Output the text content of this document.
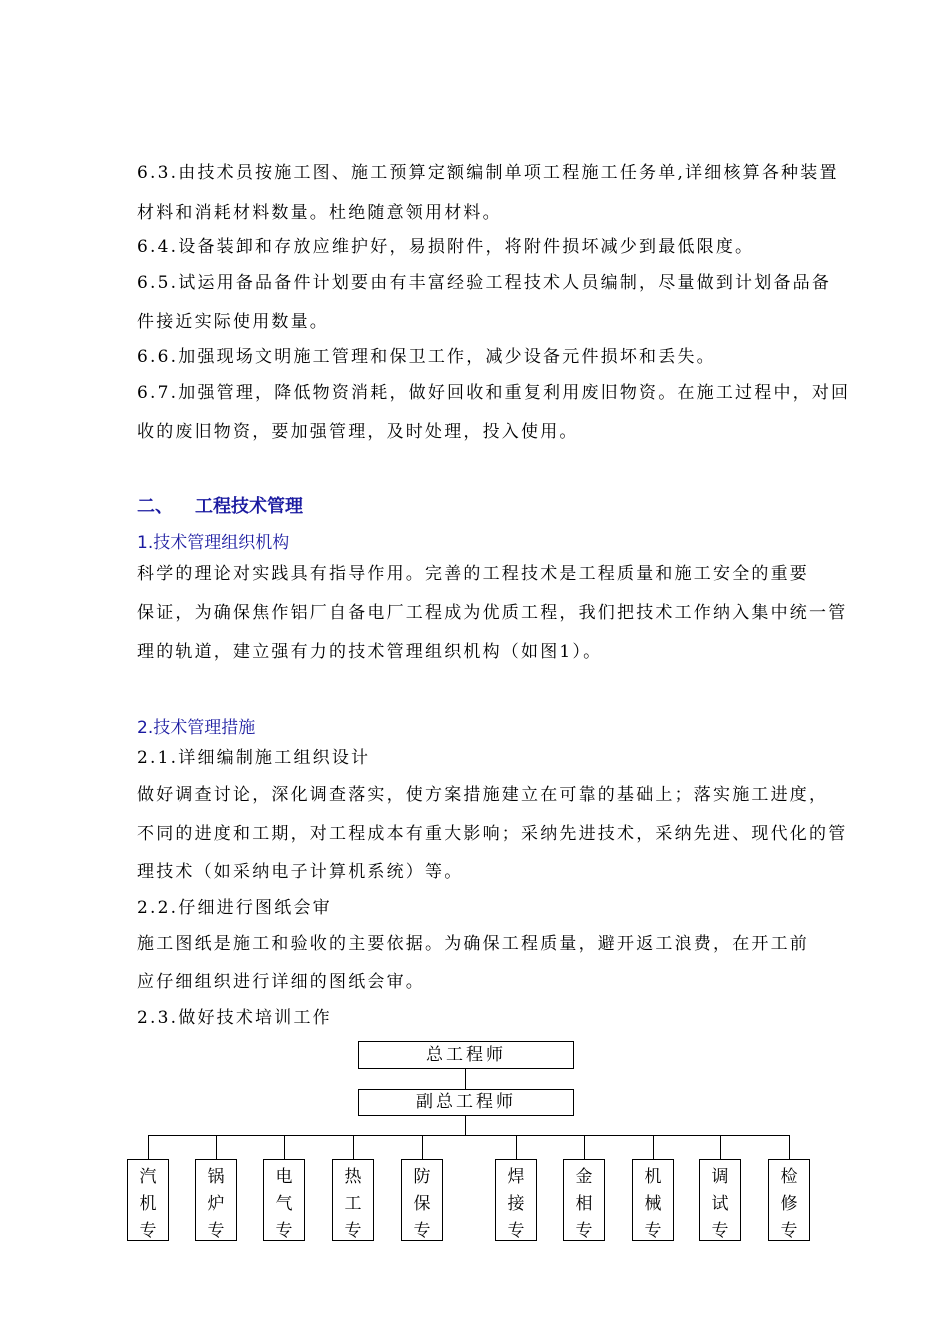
6.3.由技术员按施工图、施工预算定额编制单项工程施工任务单,详细核算各种装置
材料和消耗材料数量。杜绝随意领用材料。
6.4.设备装卸和存放应维护好，易损附件，将附件损坏减少到最低限度。
6.5.试运用备品备件计划要由有丰富经验工程技术人员编制，尽量做到计划备品备
件接近实际使用数量。
6.6.加强现场文明施工管理和保卫工作，减少设备元件损坏和丢失。
6.7.加强管理，降低物资消耗，做好回收和重复利用废旧物资。在施工过程中，对回
收的废旧物资，要加强管理，及时处理，投入使用。
二、 工程技术管理
1.技术管理组织机构
科学的理论对实践具有指导作用。完善的工程技术是工程质量和施工安全的重要
保证，为确保焦作铝厂自备电厂工程成为优质工程，我们把技术工作纳入集中统一管
理的轨道，建立强有力的技术管理组织机构（如图1）。
2.技术管理措施
2.1.详细编制施工组织设计
做好调查讨论，深化调查落实，使方案措施建立在可靠的基础上；落实施工进度，
不同的进度和工期，对工程成本有重大影响；采纳先进技术，采纳先进、现代化的管
理技术（如采纳电子计算机系统）等。
2.2.仔细进行图纸会审
施工图纸是施工和验收的主要依据。为确保工程质量，避开返工浪费，在开工前
应仔细组织进行详细的图纸会审。
2.3.做好技术培训工作
总工程师
副总工程师
汽
机
专
锅
炉
专
电
气
专
热
工
专
防
保
专
焊
接
专
金
相
专
机
械
专
调
试
专
检
修
专
